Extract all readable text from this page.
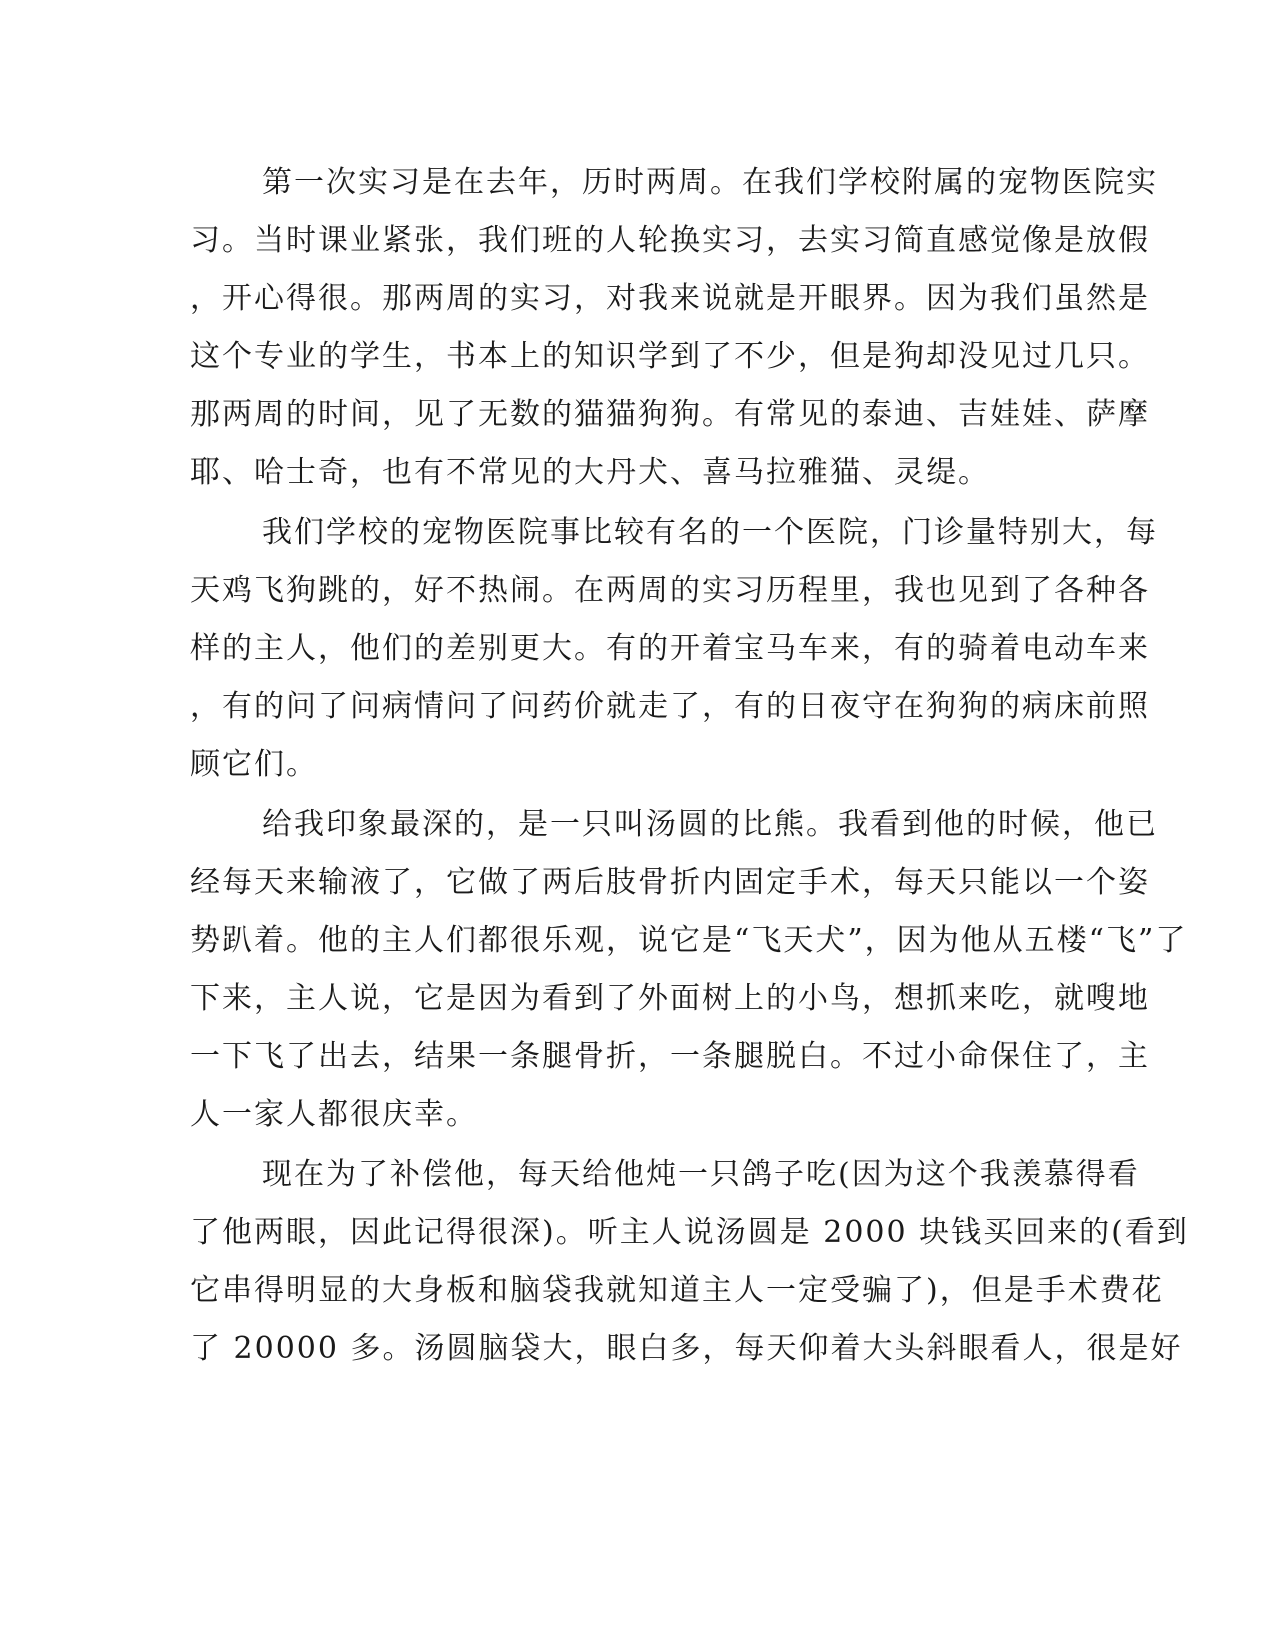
第一次实习是在去年，历时两周。在我们学校附属的宠物医院实
习。当时课业紧张，我们班的人轮换实习，去实习简直感觉像是放假
，开心得很。那两周的实习，对我来说就是开眼界。因为我们虽然是
这个专业的学生，书本上的知识学到了不少，但是狗却没见过几只。
那两周的时间，见了无数的猫猫狗狗。有常见的泰迪、吉娃娃、萨摩
耶、哈士奇，也有不常见的大丹犬、喜马拉雅猫、灵缇。
我们学校的宠物医院事比较有名的一个医院，门诊量特别大，每
天鸡飞狗跳的，好不热闹。在两周的实习历程里，我也见到了各种各
样的主人，他们的差别更大。有的开着宝马车来，有的骑着电动车来
，有的问了问病情问了问药价就走了，有的日夜守在狗狗的病床前照
顾它们。
给我印象最深的，是一只叫汤圆的比熊。我看到他的时候，他已
经每天来输液了，它做了两后肢骨折内固定手术，每天只能以一个姿
势趴着。他的主人们都很乐观，说它是“飞天犬”，因为他从五楼“飞”了
下来，主人说，它是因为看到了外面树上的小鸟，想抓来吃，就嗖地
一下飞了出去，结果一条腿骨折，一条腿脱白。不过小命保住了，主
人一家人都很庆幸。
现在为了补偿他，每天给他炖一只鸽子吃(因为这个我羡慕得看
了他两眼，因此记得很深)。听主人说汤圆是 2000 块钱买回来的(看到
它串得明显的大身板和脑袋我就知道主人一定受骗了)，但是手术费花
了 20000 多。汤圆脑袋大，眼白多，每天仰着大头斜眼看人，很是好
